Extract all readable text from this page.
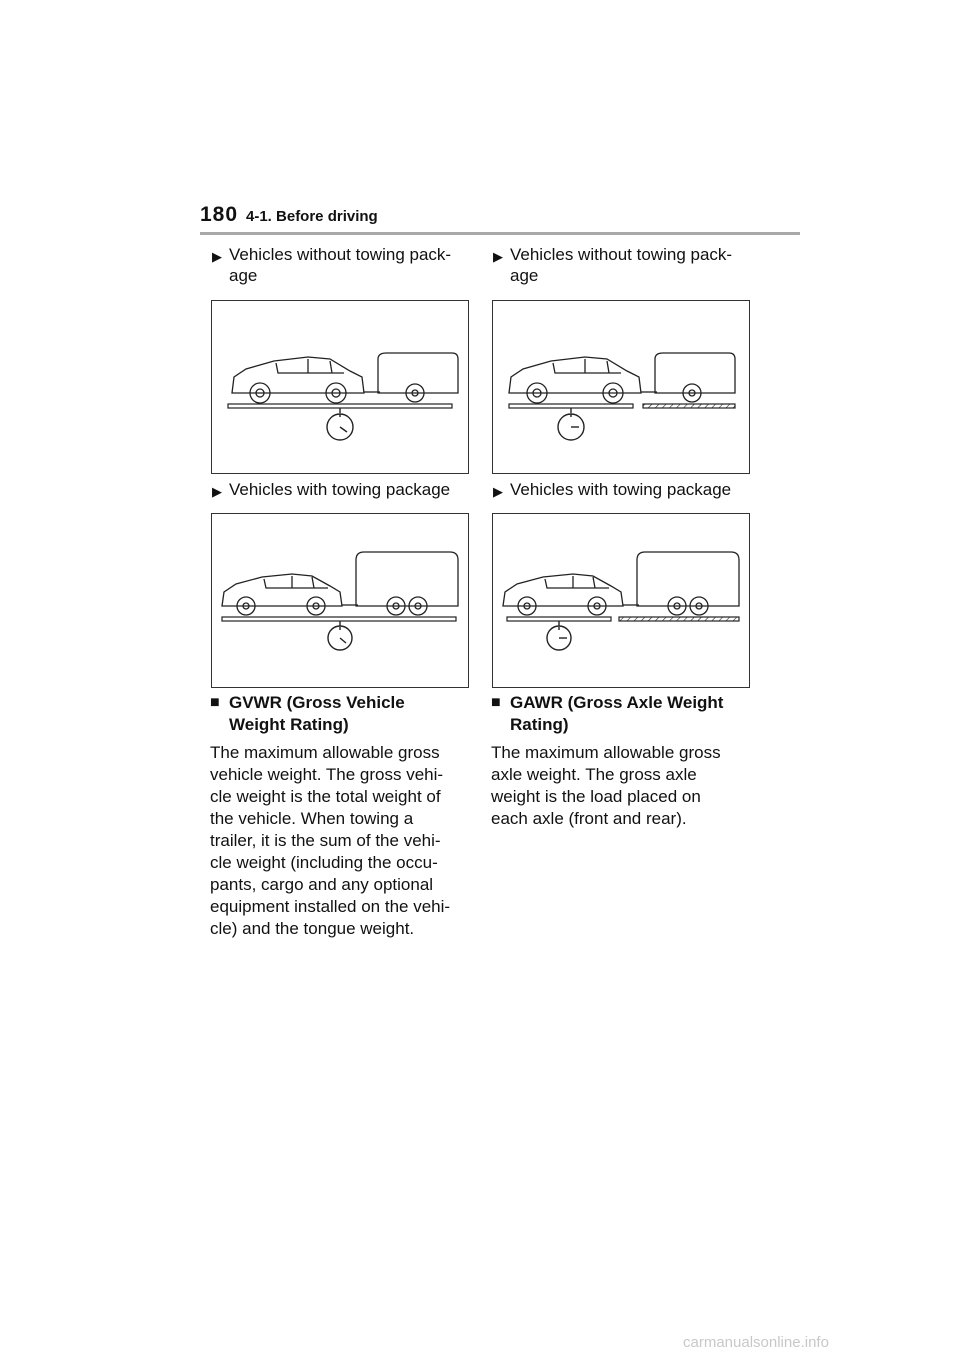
180 4-1. Before driving
▶ Vehicles without towing pack-
age
▶ Vehicles with towing package
■ GVWR (Gross Vehicle
Weight Rating)
The maximum allowable gross
vehicle weight. The gross vehi-
cle weight is the total weight of
the vehicle. When towing a
trailer, it is the sum of the vehi-
cle weight (including the occu-
pants, cargo and any optional
equipment installed on the vehi-
cle) and the tongue weight.
▶ Vehicles without towing pack-
age
▶ Vehicles with towing package
■ GAWR (Gross Axle Weight
Rating)
The maximum allowable gross
axle weight. The gross axle
weight is the load placed on
each axle (front and rear).
carmanualsonline.info
